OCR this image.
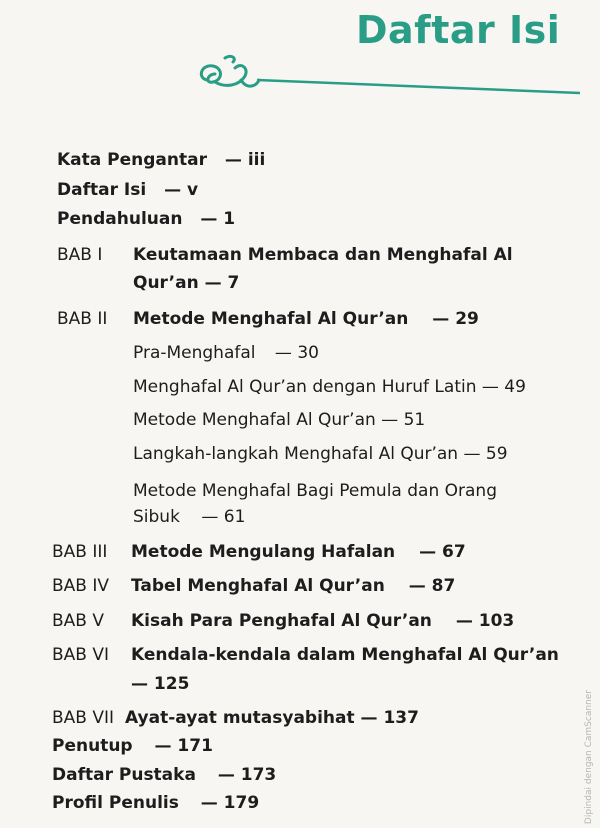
Daftar Isi
Kata Pengantar — iii
Daftar Isi — v
Pendahuluan — 1
BAB I Keutamaan Membaca dan Menghafal Al
Qur’an — 7
BAB II Metode Menghafal Al Qur’an — 29
Pra-Menghafal — 30
Menghafal Al Qur’an dengan Huruf Latin — 49
Metode Menghafal Al Qur’an — 51
Langkah-langkah Menghafal Al Qur’an — 59
Metode Menghafal Bagi Pemula dan Orang
Sibuk — 61
BAB III Metode Mengulang Hafalan — 67
BAB IV Tabel Menghafal Al Qur’an — 87
BAB V Kisah Para Penghafal Al Qur’an — 103
BAB VI Kendala-kendala dalam Menghafal Al Qur’an
— 125
BAB VII Ayat-ayat mutasyabihat — 137
Penutup — 171
Daftar Pustaka — 173
Profil Penulis — 179	Dipindai dengan CamScanner
